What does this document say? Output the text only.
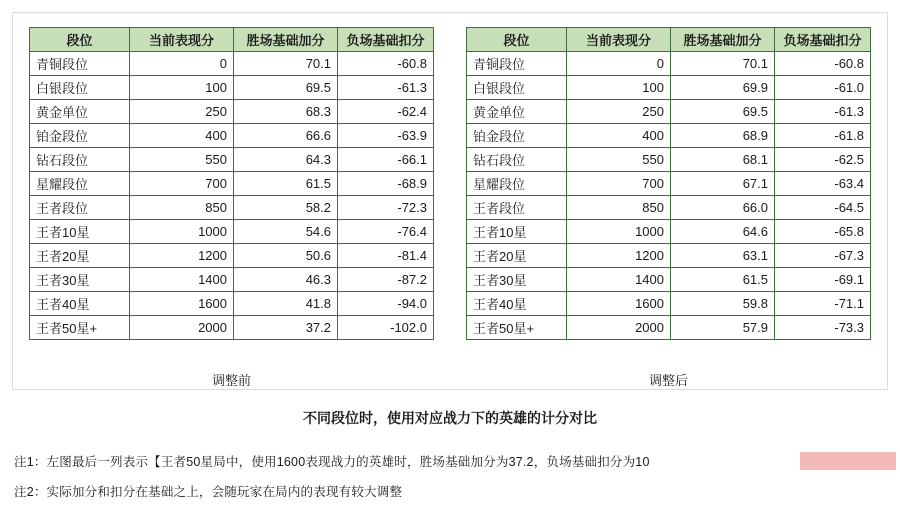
段位	当前表现分	胜场基础加分	负场基础扣分
青铜段位	0	70.1	-60.8
白银段位	100	69.5	-61.3
黄金单位	250	68.3	-62.4
铂金段位	400	66.6	-63.9
钻石段位	550	64.3	-66.1
星耀段位	700	61.5	-68.9
王者段位	850	58.2	-72.3
王者10星	1000	54.6	-76.4
王者20星	1200	50.6	-81.4
王者30星	1400	46.3	-87.2
王者40星	1600	41.8	-94.0
王者50星+	2000	37.2	-102.0
调整前
段位	当前表现分	胜场基础加分	负场基础扣分
青铜段位	0	70.1	-60.8
白银段位	100	69.9	-61.0
黄金单位	250	69.5	-61.3
铂金段位	400	68.9	-61.8
钻石段位	550	68.1	-62.5
星耀段位	700	67.1	-63.4
王者段位	850	66.0	-64.5
王者10星	1000	64.6	-65.8
王者20星	1200	63.1	-67.3
王者30星	1400	61.5	-69.1
王者40星	1600	59.8	-71.1
王者50星+	2000	57.9	-73.3
调整后
不同段位时，使用对应战力下的英雄的计分对比
注1：左图最后一列表示【王者50星局中，使用1600表现战力的英雄时，胜场基础加分为37.2，负场基础扣分为10
注2：实际加分和扣分在基础之上，会随玩家在局内的表现有较大调整
